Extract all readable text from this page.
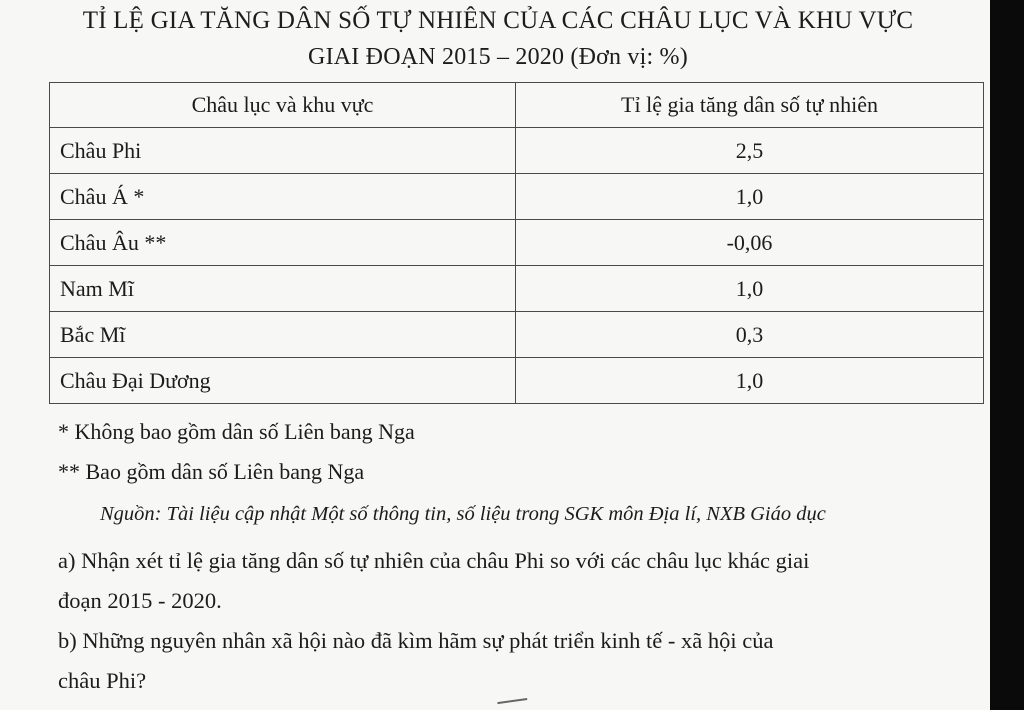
TỈ LỆ GIA TĂNG DÂN SỐ TỰ NHIÊN CỦA CÁC CHÂU LỤC VÀ KHU VỰC
GIAI ĐOẠN 2015 – 2020 (Đơn vị: %)
Châu lục và khu vực	Tỉ lệ gia tăng dân số tự nhiên
Châu Phi	2,5
Châu Á *	1,0
Châu Âu **	-0,06
Nam Mĩ	1,0
Bắc Mĩ	0,3
Châu Đại Dương	1,0
* Không bao gồm dân số Liên bang Nga
** Bao gồm dân số Liên bang Nga
Nguồn: Tài liệu cập nhật Một số thông tin, số liệu trong SGK môn Địa lí, NXB Giáo dục
a) Nhận xét tỉ lệ gia tăng dân số tự nhiên của châu Phi so với các châu lục khác giai
đoạn 2015 - 2020.
b) Những nguyên nhân xã hội nào đã kìm hãm sự phát triển kinh tế - xã hội của
châu Phi?
